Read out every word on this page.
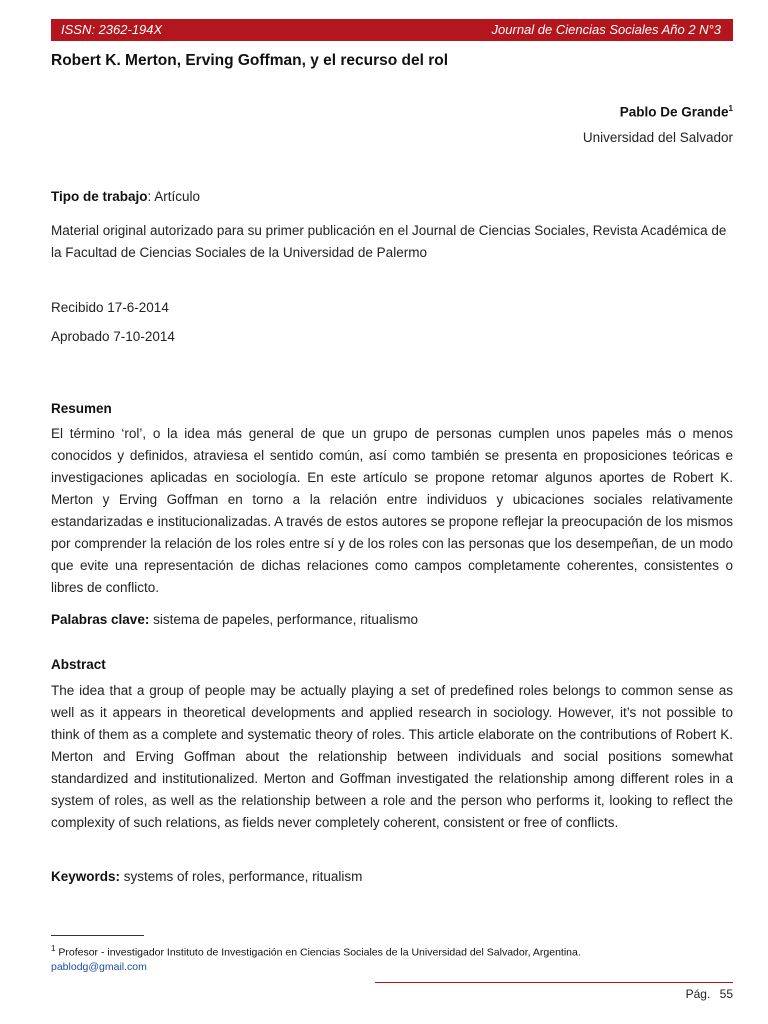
ISSN: 2362-194X	Journal de Ciencias Sociales Año 2 N°3
Robert K. Merton, Erving Goffman, y el recurso del rol
Pablo De Grande$^1$
Universidad del Salvador
Tipo de trabajo: Artículo
Material original autorizado para su primer publicación en el Journal de Ciencias Sociales, Revista Académica de la Facultad de Ciencias Sociales de la Universidad de Palermo
Recibido 17-6-2014
Aprobado 7-10-2014
Resumen
El término ‘rol’, o la idea más general de que un grupo de personas cumplen unos papeles más o menos conocidos y definidos, atraviesa el sentido común, así como también se presenta en proposiciones teóricas e investigaciones aplicadas en sociología. En este artículo se propone retomar algunos aportes de Robert K. Merton y Erving Goffman en torno a la relación entre individuos y ubicaciones sociales relativamente estandarizadas e institucionalizadas. A través de estos autores se propone reflejar la preocupación de los mismos por comprender la relación de los roles entre sí y de los roles con las personas que los desempeñan, de un modo que evite una representación de dichas relaciones como campos completamente coherentes, consistentes o libres de conflicto.
Palabras clave: sistema de papeles, performance, ritualismo
Abstract
The idea that a group of people may be actually playing a set of predefined roles belongs to common sense as well as it appears in theoretical developments and applied research in sociology. However, it’s not possible to think of them as a complete and systematic theory of roles. This article elaborate on the contributions of Robert K. Merton and Erving Goffman about the relationship between individuals and social positions somewhat standardized and institutionalized. Merton and Goffman investigated the relationship among different roles in a system of roles, as well as the relationship between a role and the person who performs it, looking to reflect the complexity of such relations, as fields never completely coherent, consistent or free of conflicts.
Keywords: systems of roles, performance, ritualism
$^1$ Profesor - investigador Instituto de Investigación en Ciencias Sociales de la Universidad del Salvador, Argentina.
pablodg@gmail.com
Pág. 55
